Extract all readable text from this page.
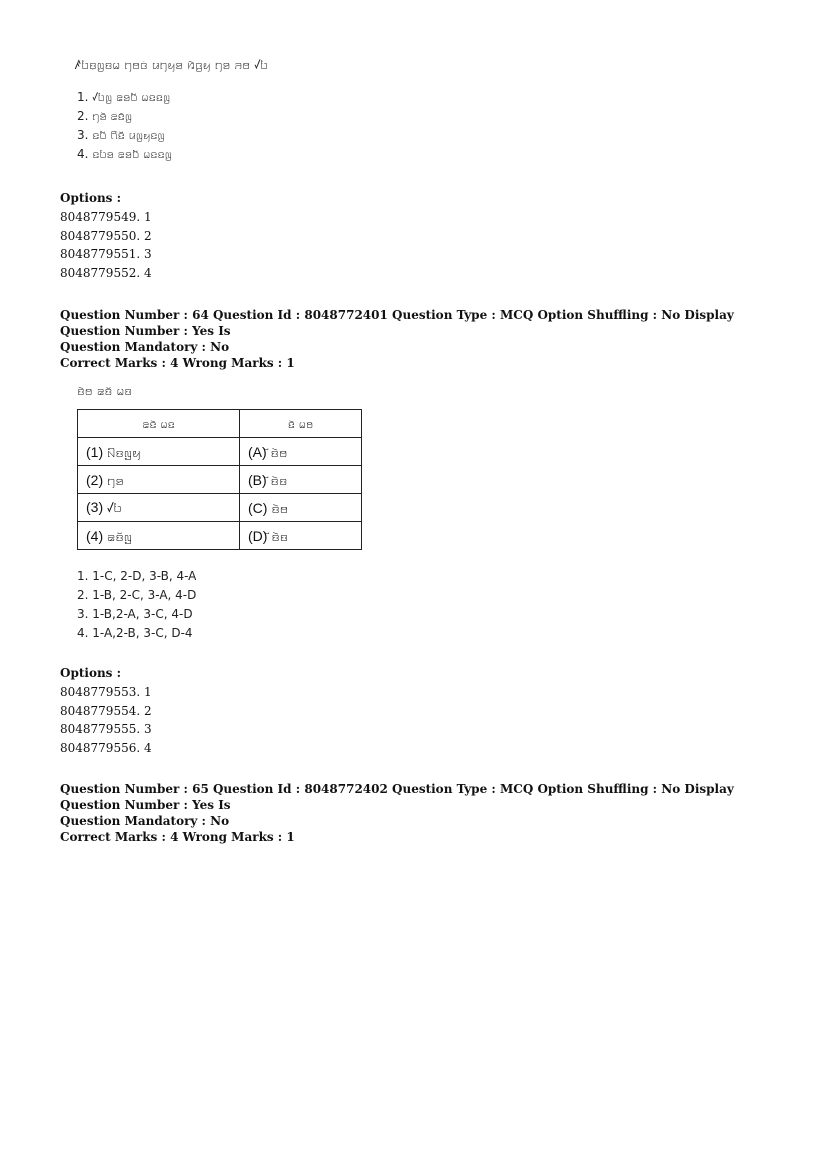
ꤰꤝꤢ꤫ꤜꤢꤗ ꤚꤥꤍꤦ ꤣꤚꤟꤤ ꤙꤧꤞꤟ ꤚꤤ ꤏꤥ ꤶꤝ
1. ꤶꤝꤜ ꤘꤤꤝꤩ ꤗꤢꤢꤜ
2. ꤚꤤꤧ ꤘꤢꤨꤜ
3. ꤢꤝꤩ ꤖꤢꤩ ꤣꤜꤟꤢꤜ
4. ꤢꤝꤤ ꤘꤤꤝꤩ ꤗꤢꤢꤜ
Options :
8048779549. 1
8048779550. 2
8048779551. 3
8048779552. 4
Question Number : 64 Question Id : 8048772401 Question Type : MCQ Option Shuffling : No Display Question Number : Yes Is
Question Mandatory : No
Correct Marks : 4 Wrong Marks : 1
ꤢꤧꤥ ꤘꤢꤩ ꤗꤢ
ꤘꤢꤧ ꤗꤢ	ꤢꤧ ꤗꤥ
(1) ꤡꤢꤜꤟ	(A) ꤩꤢꤧꤥ
(2) ꤚꤤ	(B) ꤩꤢꤧꤢ
(3) ꤶꤝ	(C) ꤢꤧꤥ
(4) ꤘꤢꤩꤜ	(D) ꤩꤢꤧꤢ
1. 1-C, 2-D, 3-B, 4-A
2. 1-B, 2-C, 3-A, 4-D
3. 1-B,2-A, 3-C, 4-D
4. 1-A,2-B, 3-C, D-4
Options :
8048779553. 1
8048779554. 2
8048779555. 3
8048779556. 4
Question Number : 65 Question Id : 8048772402 Question Type : MCQ Option Shuffling : No Display Question Number : Yes Is
Question Mandatory : No
Correct Marks : 4 Wrong Marks : 1
